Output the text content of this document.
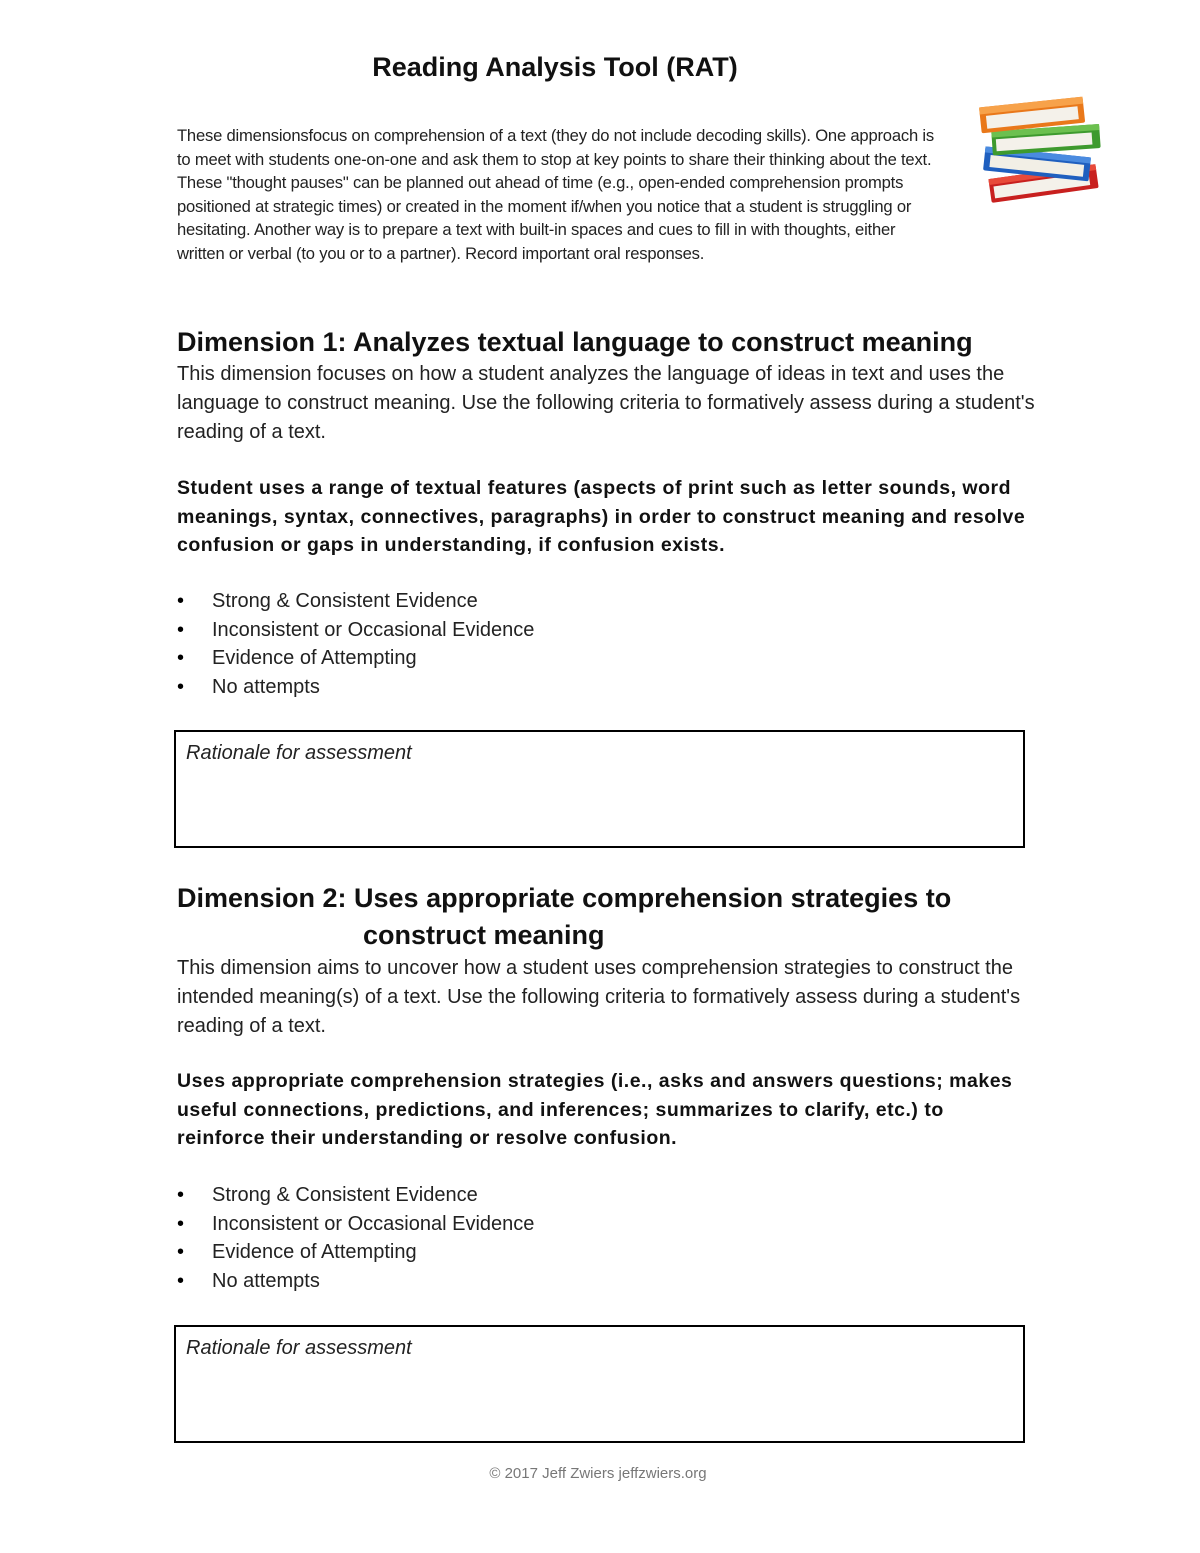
Reading Analysis Tool (RAT)

These dimensionsfocus on comprehension of a text (they do not include decoding skills). One approach is to meet with students one-on-one and ask them to stop at key points to share their thinking about the text. These "thought pauses" can be planned out ahead of time (e.g., open-ended comprehension prompts positioned at strategic times) or created in the moment if/when you notice that a student is struggling or hesitating. Another way is to prepare a text with built-in spaces and cues to fill in with thoughts, either written or verbal (to you or to a partner). Record important oral responses.

Dimension 1: Analyzes textual language to construct meaning

This dimension focuses on how a student analyzes the language of ideas in text and uses the language to construct meaning. Use the following criteria to formatively assess during a student's reading of a text.

Student uses a range of textual features (aspects of print such as letter sounds, word meanings, syntax, connectives, paragraphs) in order to construct meaning and resolve confusion or gaps in understanding, if confusion exists.

• Strong & Consistent Evidence
• Inconsistent or Occasional Evidence
• Evidence of Attempting
• No attempts
Rationale for assessment
Dimension 2: Uses appropriate comprehension strategies to
construct meaning

This dimension aims to uncover how a student uses comprehension strategies to construct the intended meaning(s) of a text. Use the following criteria to formatively assess during a student's reading of a text.

Uses appropriate comprehension strategies (i.e., asks and answers questions; makes useful connections, predictions, and inferences; summarizes to clarify, etc.) to reinforce their understanding or resolve confusion.

• Strong & Consistent Evidence
• Inconsistent or Occasional Evidence
• Evidence of Attempting
• No attempts
Rationale for assessment

© 2017 Jeff Zwiers jeffzwiers.org
